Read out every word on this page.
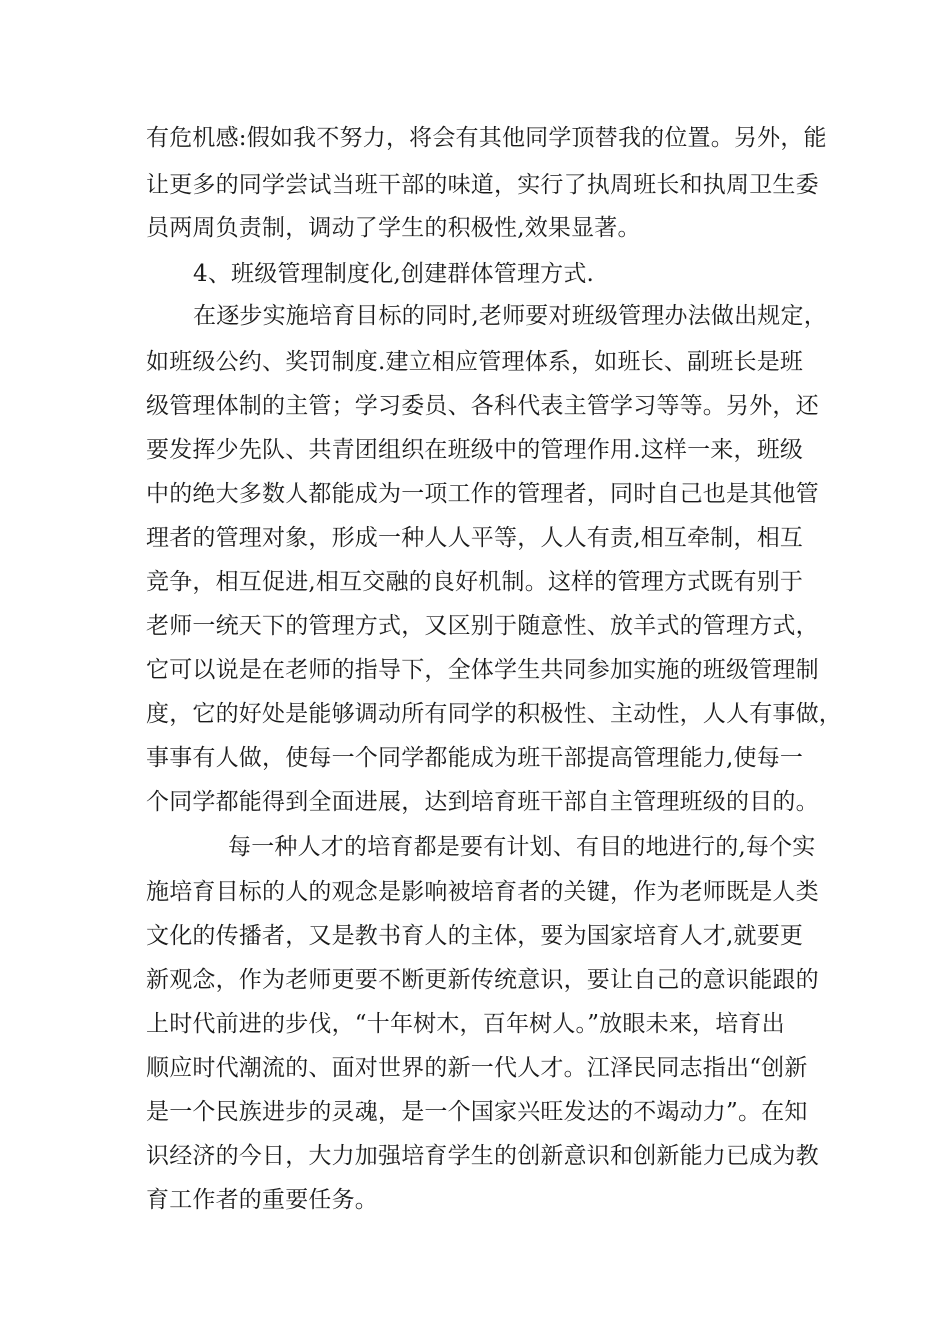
有危机感:假如我不努力，将会有其他同学顶替我的位置。另外，能
让更多的同学尝试当班干部的味道，实行了执周班长和执周卫生委
员两周负责制，调动了学生的积极性,效果显著。
4、班级管理制度化,创建群体管理方式.
在逐步实施培育目标的同时,老师要对班级管理办法做出规定，
如班级公约、奖罚制度.建立相应管理体系，如班长、副班长是班
级管理体制的主管；学习委员、各科代表主管学习等等。另外，还
要发挥少先队、共青团组织在班级中的管理作用.这样一来，班级
中的绝大多数人都能成为一项工作的管理者，同时自己也是其他管
理者的管理对象，形成一种人人平等，人人有责,相互牵制，相互
竞争，相互促进,相互交融的良好机制。这样的管理方式既有别于
老师一统天下的管理方式，又区别于随意性、放羊式的管理方式，
它可以说是在老师的指导下，全体学生共同参加实施的班级管理制
度，它的好处是能够调动所有同学的积极性、主动性，人人有事做，
事事有人做，使每一个同学都能成为班干部提高管理能力,使每一
个同学都能得到全面进展，达到培育班干部自主管理班级的目的。
每一种人才的培育都是要有计划、有目的地进行的,每个实
施培育目标的人的观念是影响被培育者的关键，作为老师既是人类
文化的传播者，又是教书育人的主体，要为国家培育人才,就要更
新观念，作为老师更要不断更新传统意识，要让自己的意识能跟的
上时代前进的步伐，“十年树木，百年树人。”放眼未来，培育出
顺应时代潮流的、面对世界的新一代人才。江泽民同志指出“创新
是一个民族进步的灵魂，是一个国家兴旺发达的不竭动力”。在知
识经济的今日，大力加强培育学生的创新意识和创新能力已成为教
育工作者的重要任务。
